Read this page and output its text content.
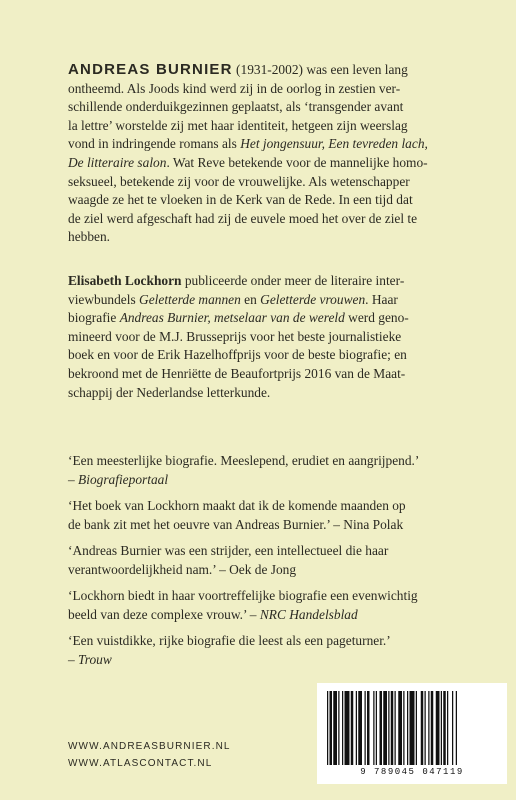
ANDREAS BURNIER (1931-2002) was een leven lang
ontheemd. Als Joods kind werd zij in de oorlog in zestien ver-
schillende onderduikgezinnen geplaatst, als ‘transgender avant
la lettre’ worstelde zij met haar identiteit, hetgeen zijn weerslag
vond in indringende romans als Het jongensuur, Een tevreden lach,
De litteraire salon. Wat Reve betekende voor de mannelijke homo-
seksueel, betekende zij voor de vrouwelijke. Als wetenschapper
waagde ze het te vloeken in de Kerk van de Rede. In een tijd dat
de ziel werd afgeschaft had zij de euvele moed het over de ziel te
hebben.
Elisabeth Lockhorn publiceerde onder meer de literaire inter-
viewbundels Geletterde mannen en Geletterde vrouwen. Haar
biografie Andreas Burnier, metselaar van de wereld werd geno-
mineerd voor de M.J. Brusseprijs voor het beste journalistieke
boek en voor de Erik Hazelhoffprijs voor de beste biografie; en
bekroond met de Henriëtte de Beaufortprijs 2016 van de Maat-
schappij der Nederlandse letterkunde.
‘Een meesterlijke biografie. Meeslepend, erudiet en aangrijpend.’
– Biografieportaal
‘Het boek van Lockhorn maakt dat ik de komende maanden op
de bank zit met het oeuvre van Andreas Burnier.’ – Nina Polak
‘Andreas Burnier was een strijder, een intellectueel die haar
verantwoordelijkheid nam.’ – Oek de Jong
‘Lockhorn biedt in haar voortreffelijke biografie een evenwichtig
beeld van deze complexe vrouw.’ – NRC Handelsblad
‘Een vuistdikke, rijke biografie die leest als een pageturner.’
– Trouw
WWW.ANDREASBURNIER.NL
WWW.ATLASCONTACT.NL
9 789045 047119
